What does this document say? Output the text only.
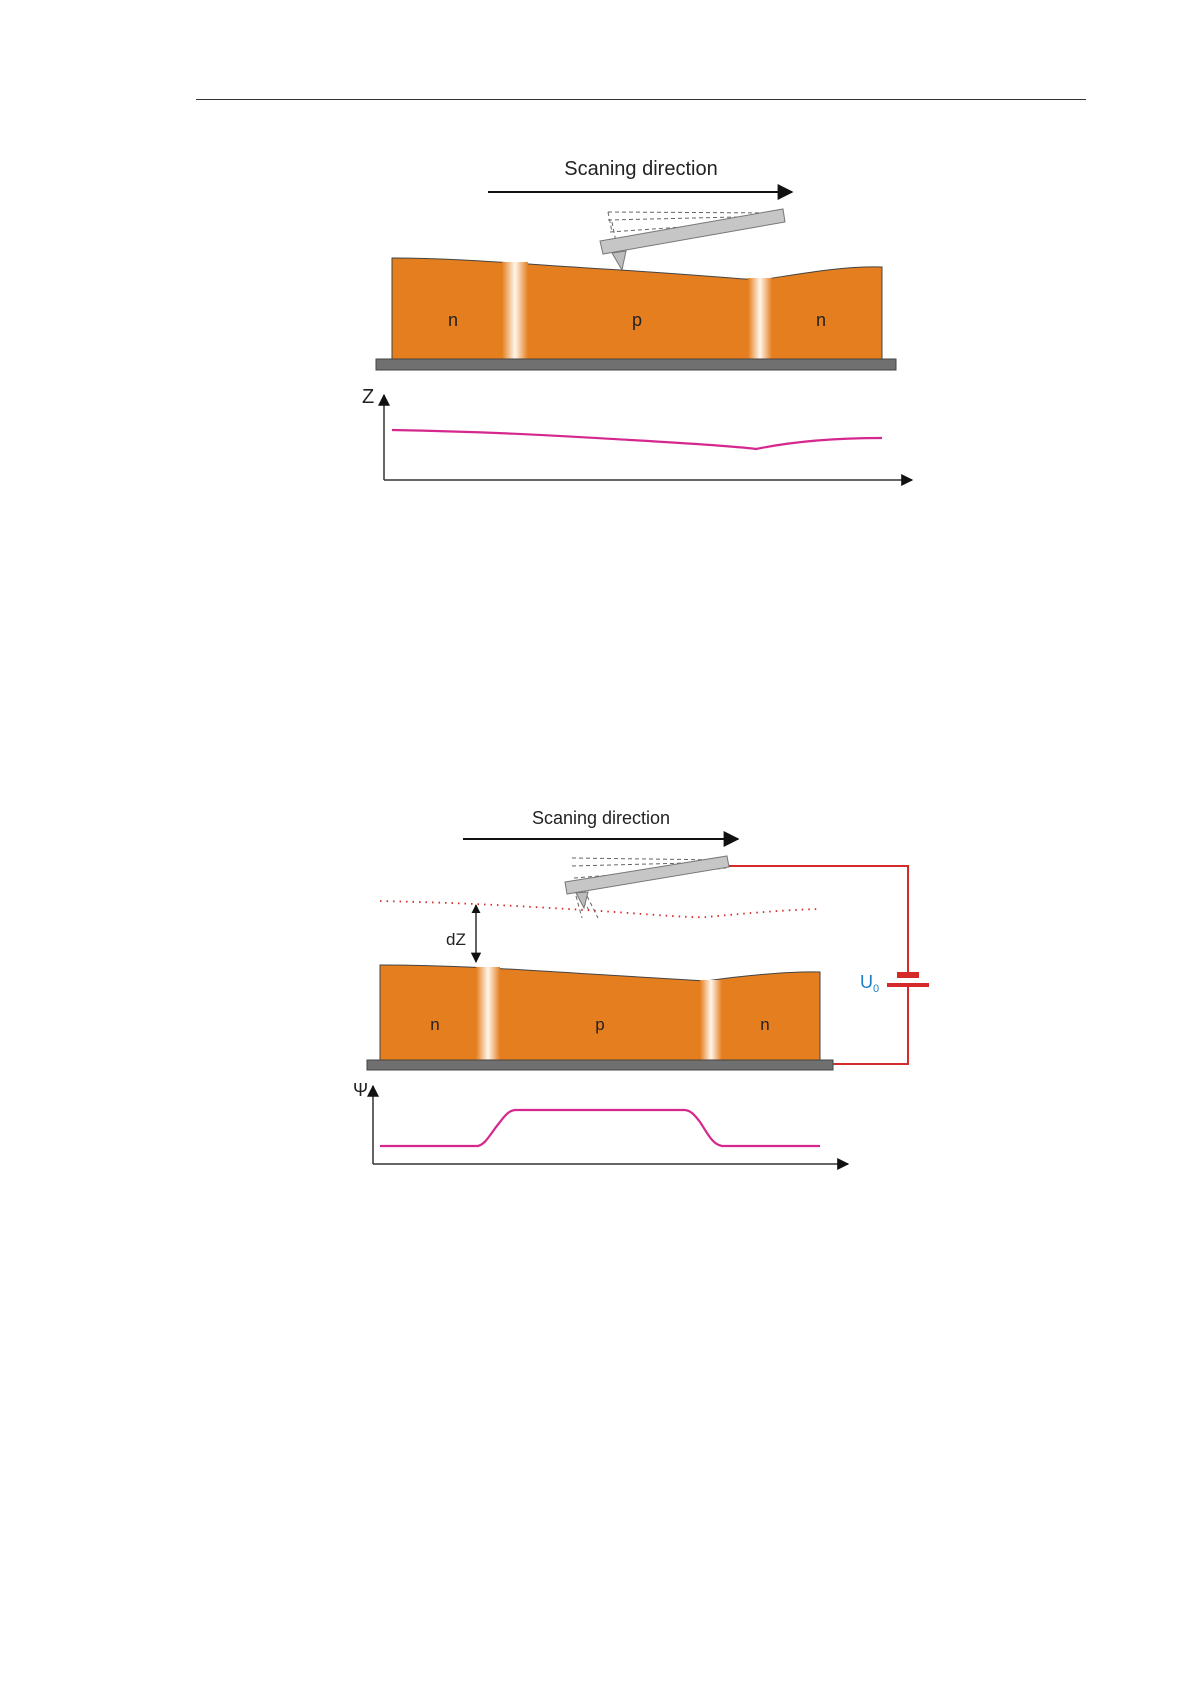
Scaning direction
n	p	n
Z
Scaning direction
dZ
n	p	n
$U_0$
Ψ
